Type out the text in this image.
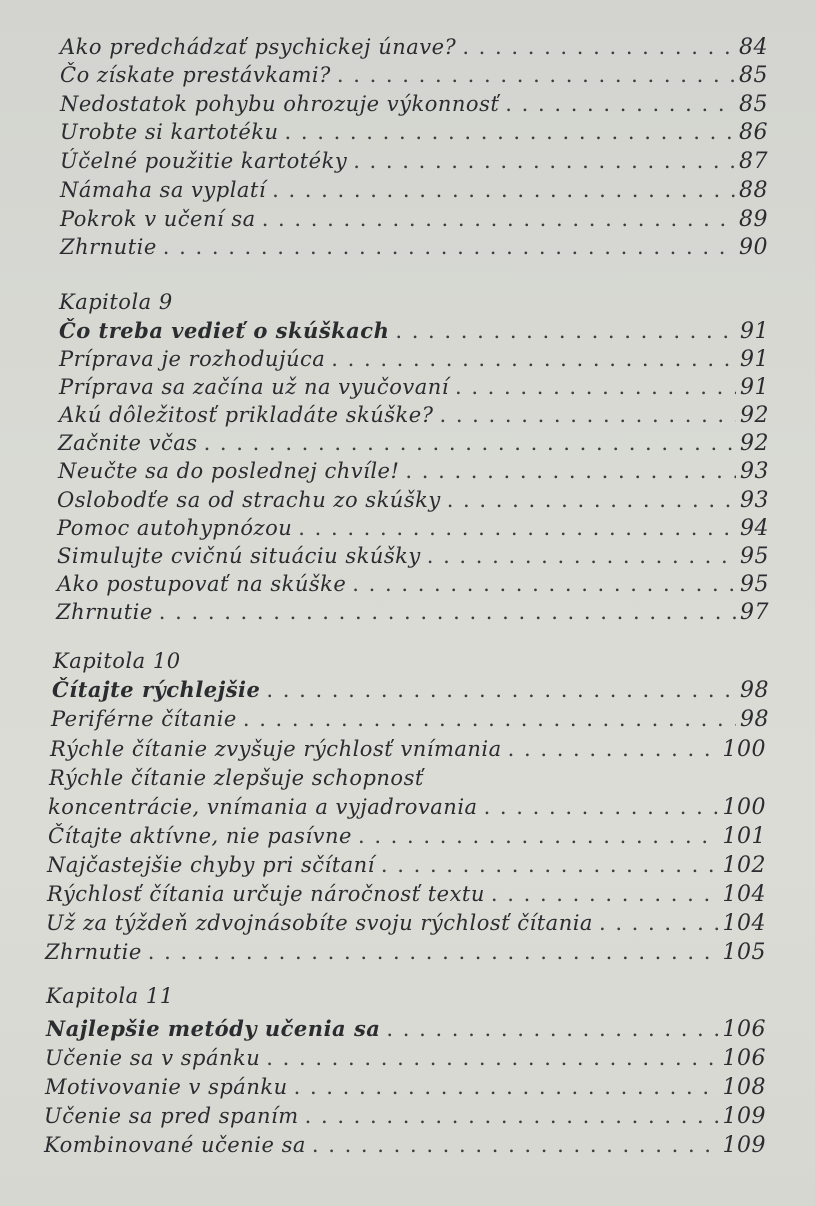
Ako predchádzať psychickej únave? . . .	84
Čo získate prestávkami? . . .	85
Nedostatok pohybu ohrozuje výkonnosť . . .	85
Urobte si kartotéku . . .	86
Účelné použitie kartotéky . . .	87
Námaha sa vyplatí . . .	88
Pokrok v učení sa . . .	89
Zhrnutie . . .	90
Kapitola 9
Čo treba vedieť o skúškach . . .	91
Príprava je rozhodujúca . . .	91
Príprava sa začína už na vyučovaní . . .	91
Akú dôležitosť prikladáte skúške? . . .	92
Začnite včas . . .	92
Neučte sa do poslednej chvíle! . . .	93
Oslobodťe sa od strachu zo skúšky . . .	93
Pomoc autohypnózou . . .	94
Simulujte cvičnú situáciu skúšky . . .	95
Ako postupovať na skúške . . .	95
Zhrnutie . . .	97
Kapitola 10
Čítajte rýchlejšie . . .	98
Periférne čítanie . . .	98
Rýchle čítanie zvyšuje rýchlosť vnímania . . .	100
Rýchle čítanie zlepšuje schopnosť
koncentrácie, vnímania a vyjadrovania . . .	100
Čítajte aktívne, nie pasívne . . .	101
Najčastejšie chyby pri sčítaní . . .	102
Rýchlosť čítania určuje náročnosť textu . . .	104
Už za týždeň zdvojnásobíte svoju rýchlosť čítania . . .	104
Zhrnutie . . .	105
Kapitola 11
Najlepšie metódy učenia sa . . .	106
Učenie sa v spánku . . .	106
Motivovanie v spánku . . .	108
Učenie sa pred spaním . . .	109
Kombinované učenie sa . . .	109
